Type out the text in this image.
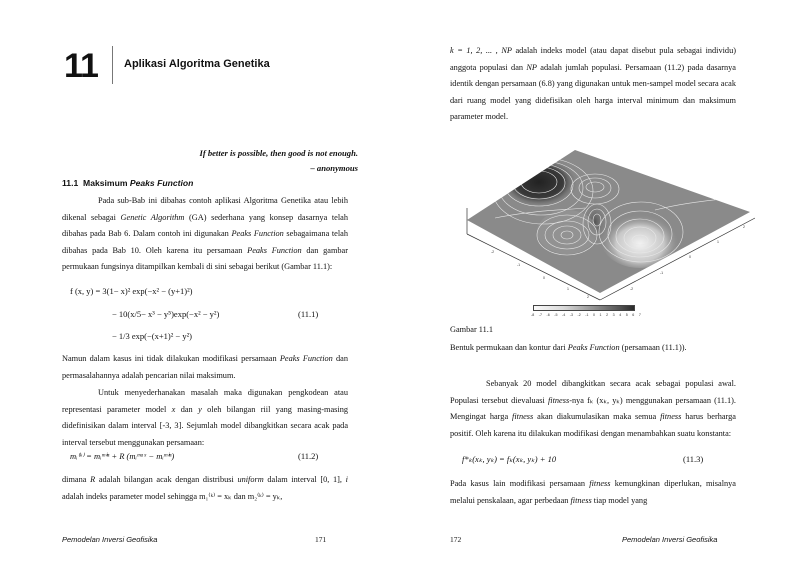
11 Aplikasi Algoritma Genetika
If better is possible, then good is not enough.
– anonymous
11.1 Maksimum Peaks Function

Pada sub-Bab ini dibahas contoh aplikasi Algoritma Genetika atau lebih dikenal sebagai Genetic Algorithm (GA) sederhana yang konsep dasarnya telah dibahas pada Bab 6. Dalam contoh ini digunakan Peaks Function sebagaimana telah dibahas pada Bab 10. Oleh karena itu persamaan Peaks Function dan gambar permukaan fungsinya ditampilkan kembali di sini sebagai berikut (Gambar 11.1):

f (x, y) = 3(1− x)² exp(−x² − (y+1)²)
− 10(x/5− x³ − y⁵)exp(−x² − y²)	(11.1)
− 1/3 exp(−(x+1)² − y²)

Namun dalam kasus ini tidak dilakukan modifikasi persamaan Peaks Function dan permasalahannya adalah pencarian nilai maksimum.

Untuk menyederhanakan masalah maka digunakan pengkodean atau representasi parameter model x dan y oleh bilangan riil yang masing-masing didefinisikan dalam interval [-3, 3]. Sejumlah model dibangkitkan secara acak pada interval tersebut menggunakan persamaan:

mᵢ⁽ᵏ⁾ = mᵢᵐⁱⁿ + R (mᵢᵐᵃˣ − mᵢᵐⁱⁿ)	(11.2)

dimana R adalah bilangan acak dengan distribusi uniform dalam interval [0, 1], i adalah indeks parameter model sehingga m₁⁽ᵏ⁾ = xₖ dan m₂⁽ᵏ⁾ = yₖ,

Pemodelan Inversi Geofisika	171

k = 1, 2, ... , NP adalah indeks model (atau dapat disebut pula sebagai individu) anggota populasi dan NP adalah jumlah populasi. Persamaan (11.2) pada dasarnya identik dengan persamaan (6.8) yang digunakan untuk men-sampel model secara acak dari ruang model yang didefisikan oleh harga interval minimum dan maksimum parameter model.

-2
-1
0
1
2
-2
-1
0
1
2
-8 -7 -6 -5 -4 -3 -2 -1 0 1 2 3 4 5 6 7
Gambar 11.1
Bentuk permukaan dan kontur dari Peaks Function (persamaan (11.1)).

Sebanyak 20 model dibangkitkan secara acak sebagai populasi awal. Populasi tersebut dievaluasi fitness-nya fₖ (xₖ, yₖ) menggunakan persamaan (11.1). Mengingat harga fitness akan diakumulasikan maka semua fitness harus berharga positif. Oleh karena itu dilakukan modifikasi dengan menambahkan suatu konstanta:

f*ₖ(xₖ, yₖ) = fₖ(xₖ, yₖ) + 10	(11.3)

Pada kasus lain modifikasi persamaan fitness kemungkinan diperlukan, misalnya melalui penskalaan, agar perbedaan fitness tiap model yang

172	Pemodelan Inversi Geofisika
